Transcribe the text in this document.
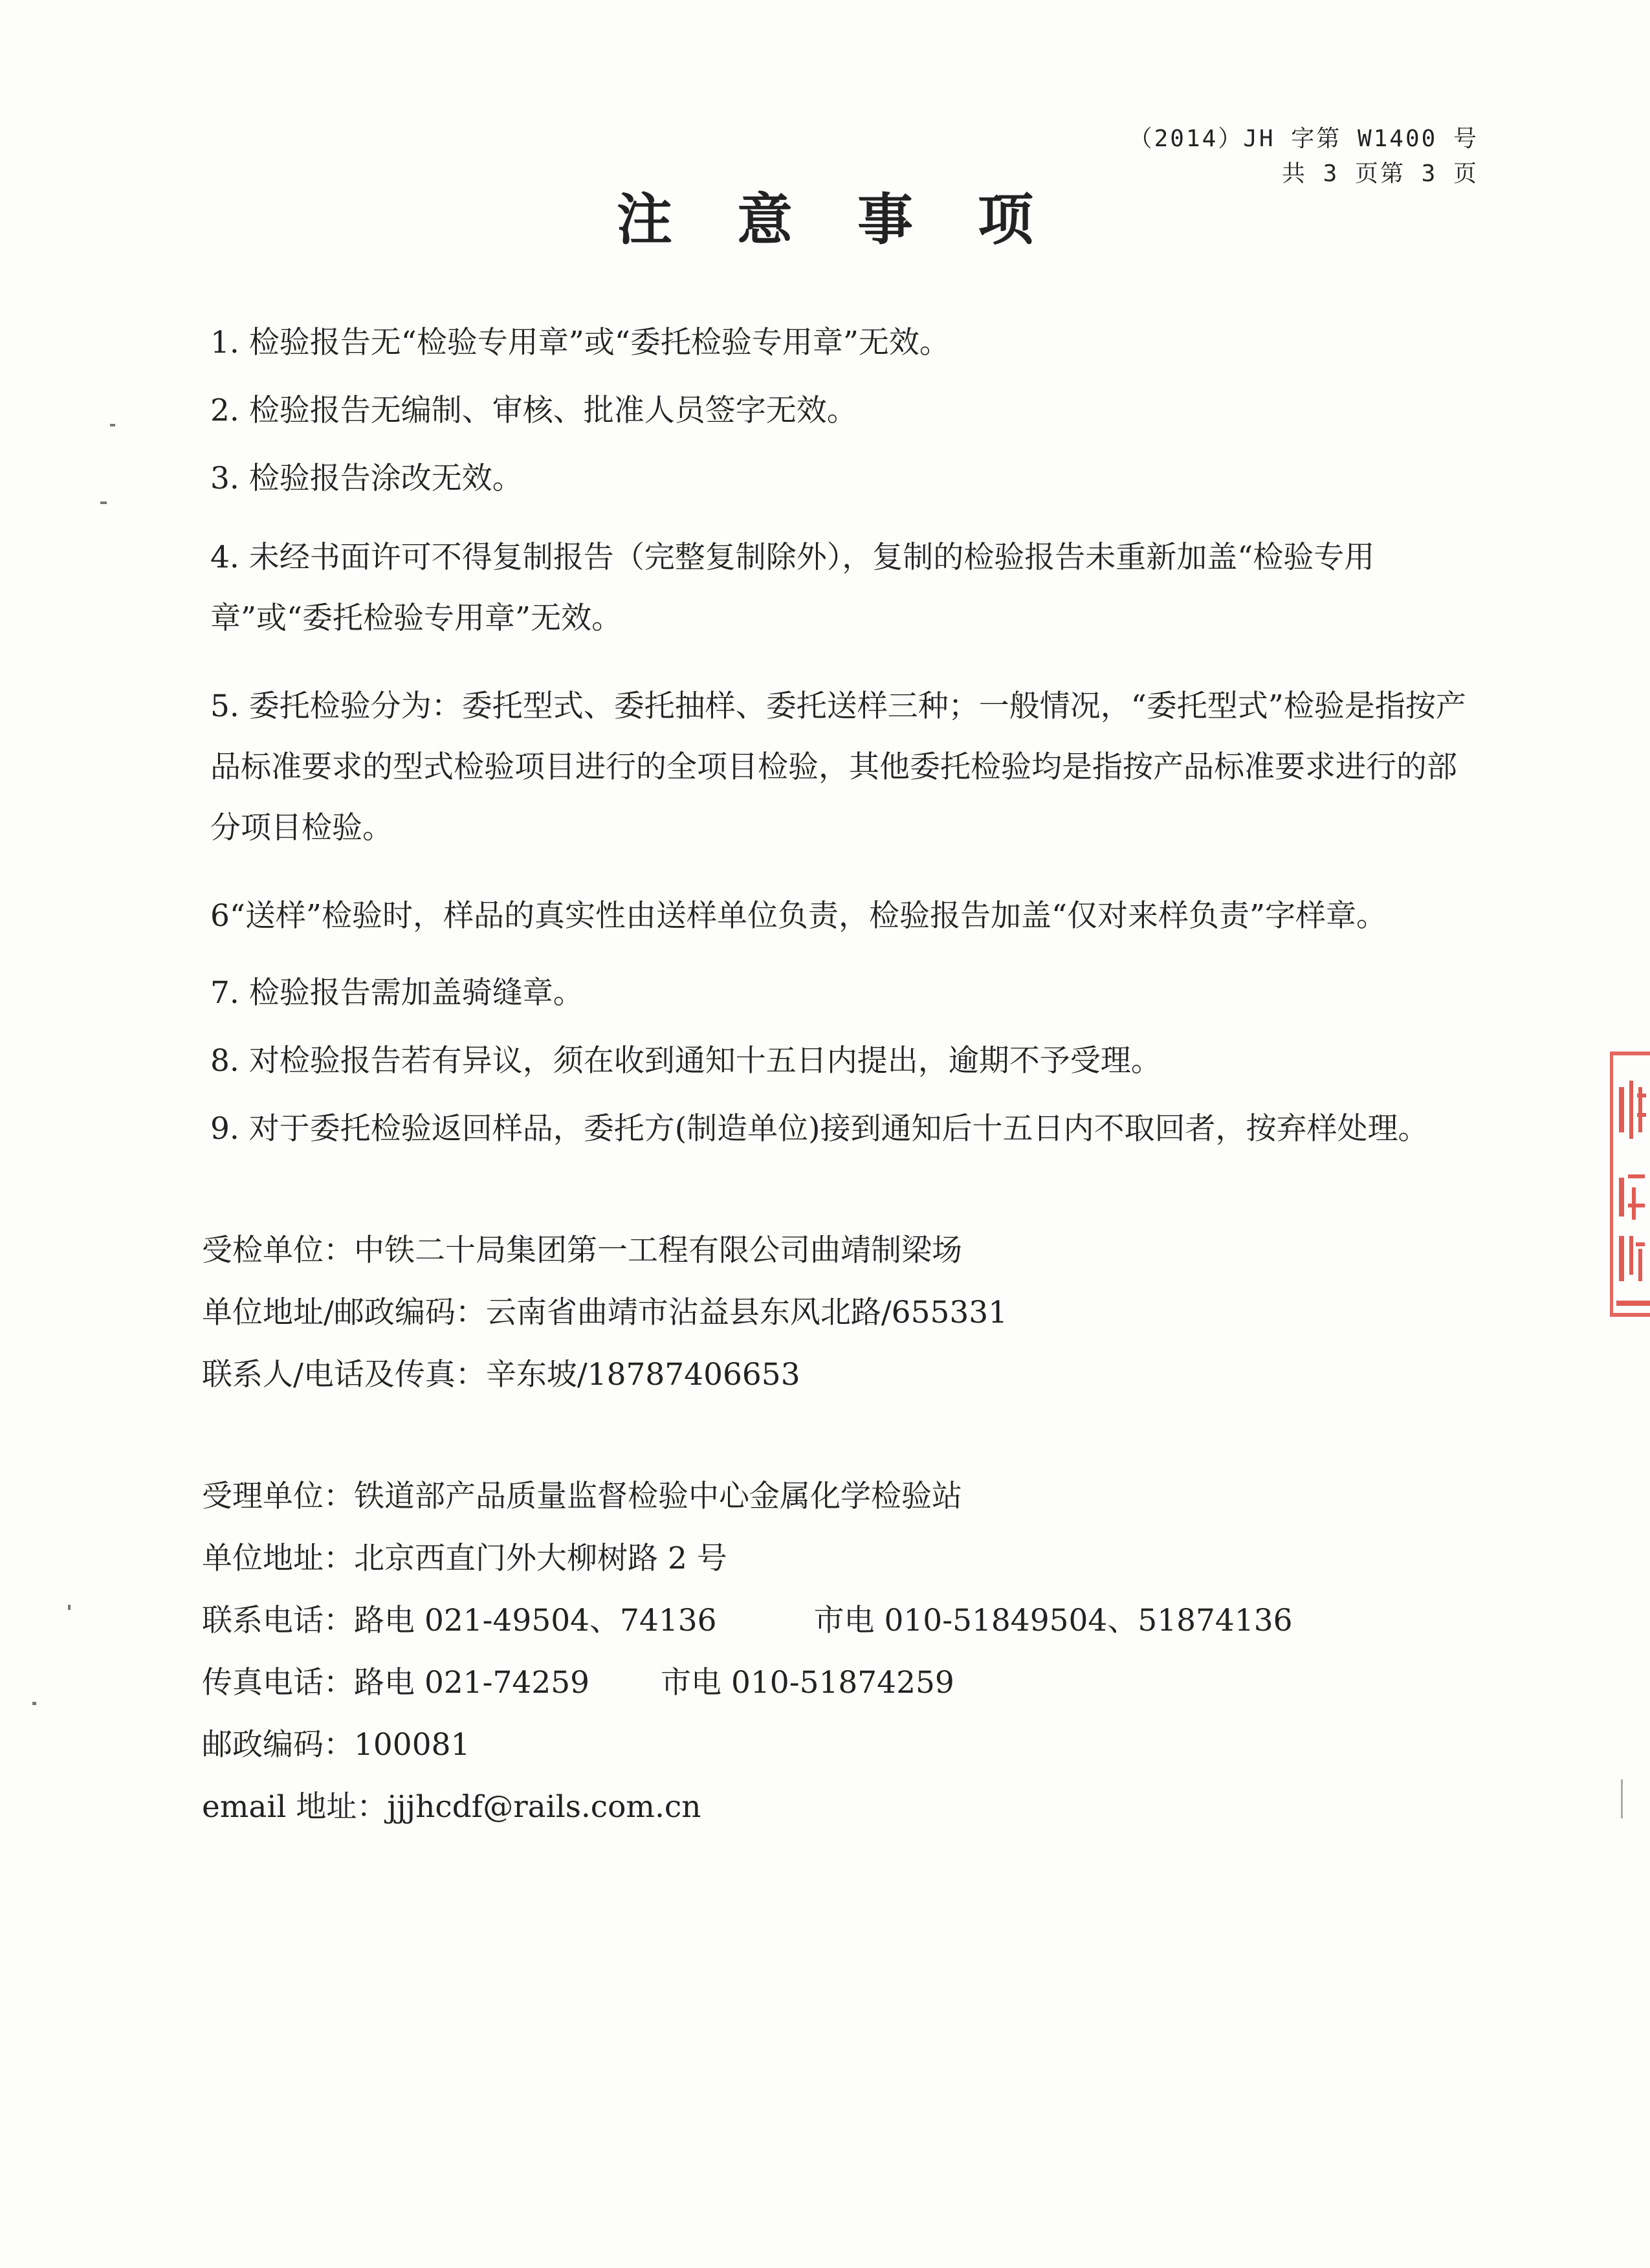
（2014）JH 字第 W1400 号
共 3 页第 3 页
注意事项
1. 检验报告无“检验专用章”或“委托检验专用章”无效。
2. 检验报告无编制、审核、批准人员签字无效。
3. 检验报告涂改无效。
4. 未经书面许可不得复制报告（完整复制除外），复制的检验报告未重新加盖“检验专用章”或“委托检验专用章”无效。
5. 委托检验分为：委托型式、委托抽样、委托送样三种；一般情况，“委托型式”检验是指按产品标准要求的型式检验项目进行的全项目检验，其他委托检验均是指按产品标准要求进行的部分项目检验。
6“送样”检验时，样品的真实性由送样单位负责，检验报告加盖“仅对来样负责”字样章。
7. 检验报告需加盖骑缝章。
8. 对检验报告若有异议，须在收到通知十五日内提出，逾期不予受理。
9. 对于委托检验返回样品，委托方(制造单位)接到通知后十五日内不取回者，按弃样处理。
受检单位：中铁二十局集团第一工程有限公司曲靖制梁场
单位地址/邮政编码：云南省曲靖市沾益县东风北路/655331
联系人/电话及传真：辛东坡/18787406653
受理单位：铁道部产品质量监督检验中心金属化学检验站
单位地址：北京西直门外大柳树路 2 号
联系电话：路电 021-49504、74136	市电 010-51849504、51874136
传真电话：路电 021-74259 市电 010-51874259
邮政编码：100081
email 地址：jjjhcdf@rails.com.cn
